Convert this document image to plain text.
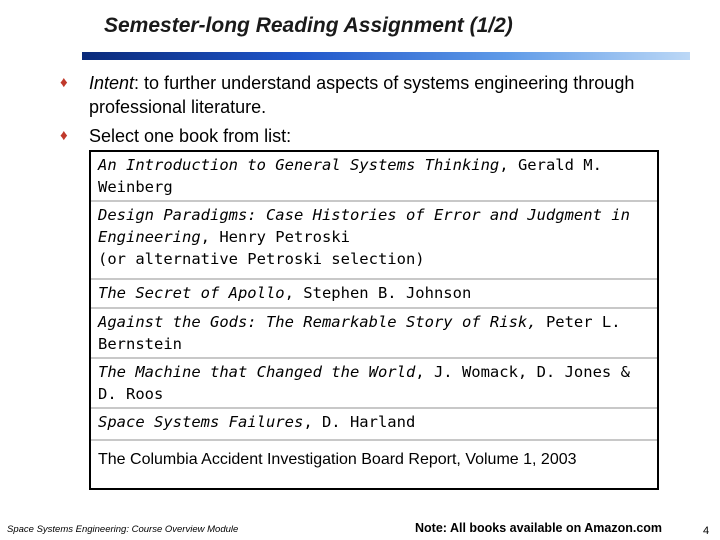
Semester-long Reading Assignment (1/2)
♦ Intent: to further understand aspects of systems engineering through professional literature.
♦ Select one book from list:
An Introduction to General Systems Thinking, Gerald M. Weinberg
Design Paradigms: Case Histories of Error and Judgment in Engineering, Henry Petroski
(or alternative Petroski selection)
The Secret of Apollo, Stephen B. Johnson
Against the Gods: The Remarkable Story of Risk, Peter L. Bernstein
The Machine that Changed the World, J. Womack, D. Jones & D. Roos
Space Systems Failures, D. Harland
The Columbia Accident Investigation Board Report, Volume 1, 2003
Space Systems Engineering: Course Overview Module	Note: All books available on Amazon.com	4
